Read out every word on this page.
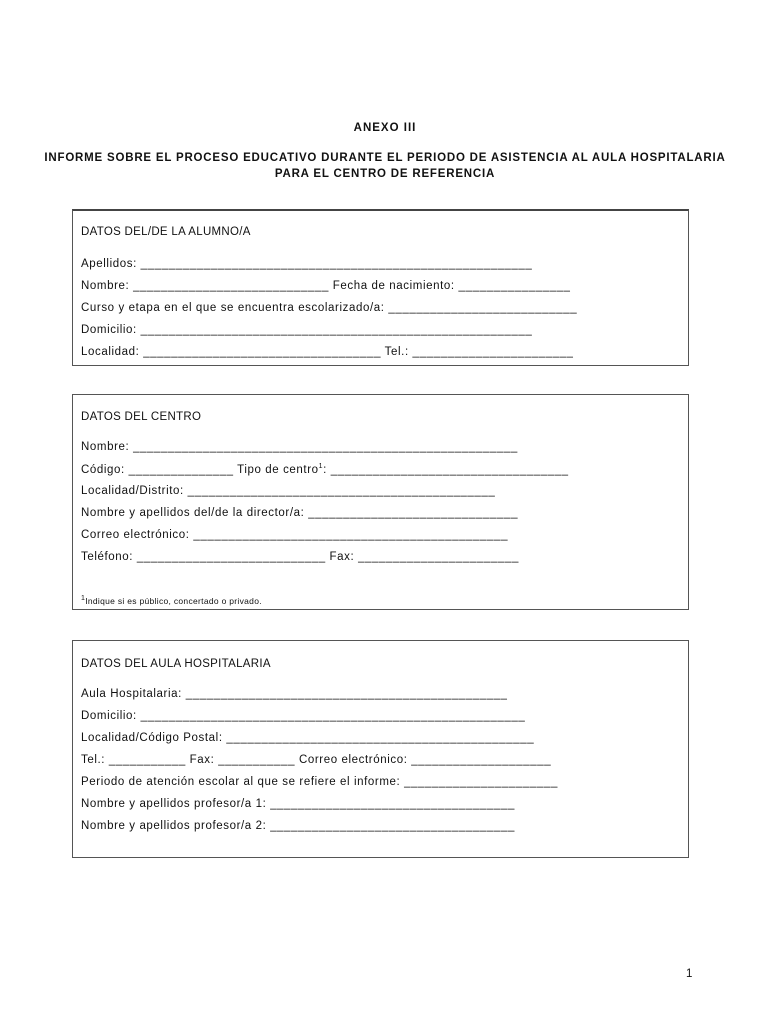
ANEXO III
INFORME SOBRE EL PROCESO EDUCATIVO DURANTE EL PERIODO DE ASISTENCIA AL AULA HOSPITALARIA PARA EL CENTRO DE REFERENCIA
DATOS DEL/DE LA ALUMNO/A
Apellidos: ________________________________________________________
Nombre: ____________________________ Fecha de nacimiento: ________________
Curso y etapa en el que se encuentra escolarizado/a: ___________________________
Domicilio: ________________________________________________________
Localidad: __________________________________ Tel.: _______________________
DATOS DEL CENTRO
Nombre: _______________________________________________________
Código: _______________ Tipo de centro$^1$: __________________________________
Localidad/Distrito: ____________________________________________
Nombre y apellidos del/de la director/a: ______________________________
Correo electrónico: _____________________________________________
Teléfono: ___________________________ Fax: _______________________
$^1$Indique si es público, concertado o privado.
DATOS DEL AULA HOSPITALARIA
Aula Hospitalaria: ______________________________________________
Domicilio: _______________________________________________________
Localidad/Código Postal: ____________________________________________
Tel.: ___________ Fax: ___________ Correo electrónico: ____________________
Periodo de atención escolar al que se refiere el informe: ______________________
Nombre y apellidos profesor/a 1: ___________________________________
Nombre y apellidos profesor/a 2: ___________________________________
1
